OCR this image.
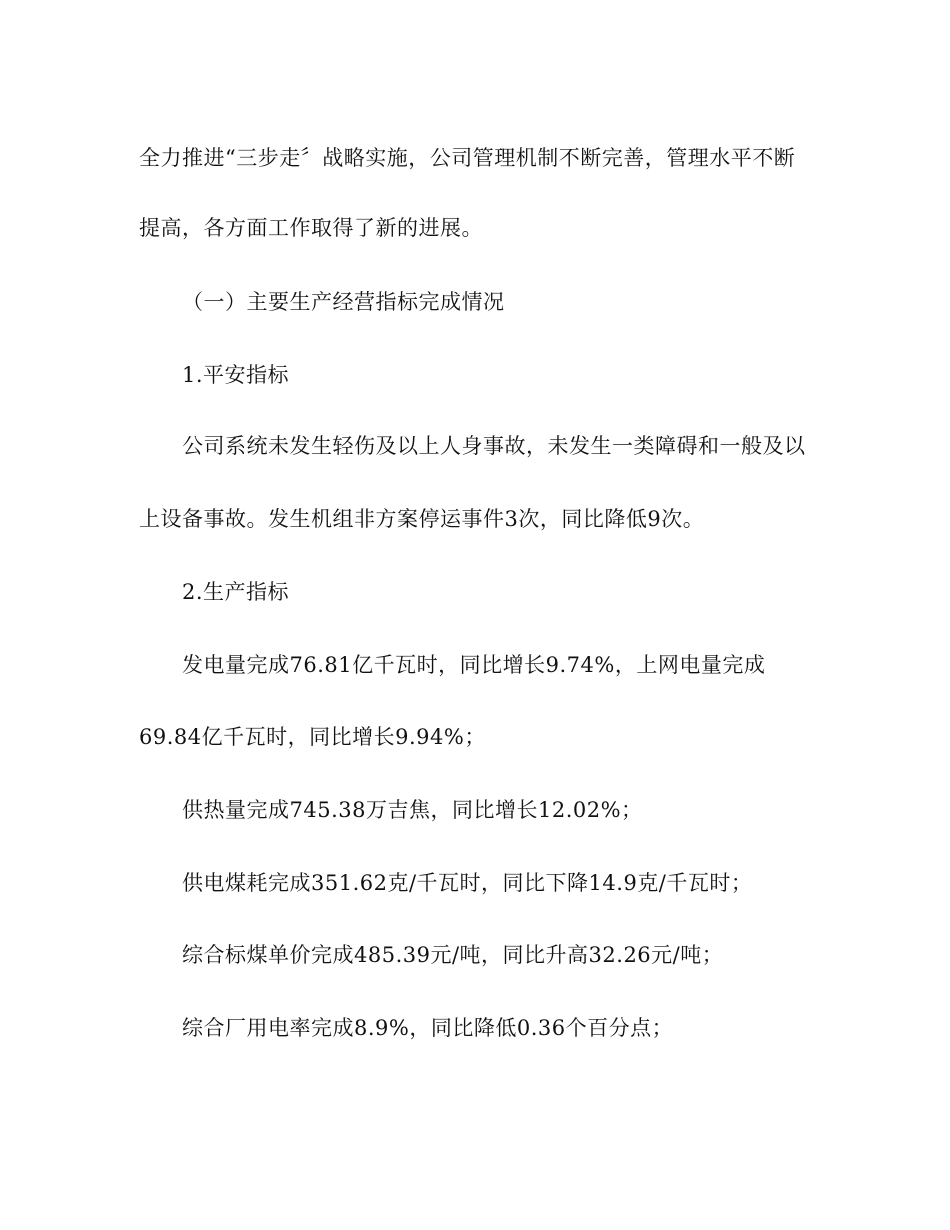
全力推进“三步走〞战略实施，公司管理机制不断完善，管理水平不断
提高，各方面工作取得了新的进展。
（一）主要生产经营指标完成情况
1.平安指标
公司系统未发生轻伤及以上人身事故，未发生一类障碍和一般及以
上设备事故。发生机组非方案停运事件3次，同比降低9次。
2.生产指标
发电量完成76.81亿千瓦时，同比增长9.74%，上网电量完成
69.84亿千瓦时，同比增长9.94%；
供热量完成745.38万吉焦，同比增长12.02%；
供电煤耗完成351.62克/千瓦时，同比下降14.9克/千瓦时；
综合标煤单价完成485.39元/吨，同比升高32.26元/吨；
综合厂用电率完成8.9%，同比降低0.36个百分点；
